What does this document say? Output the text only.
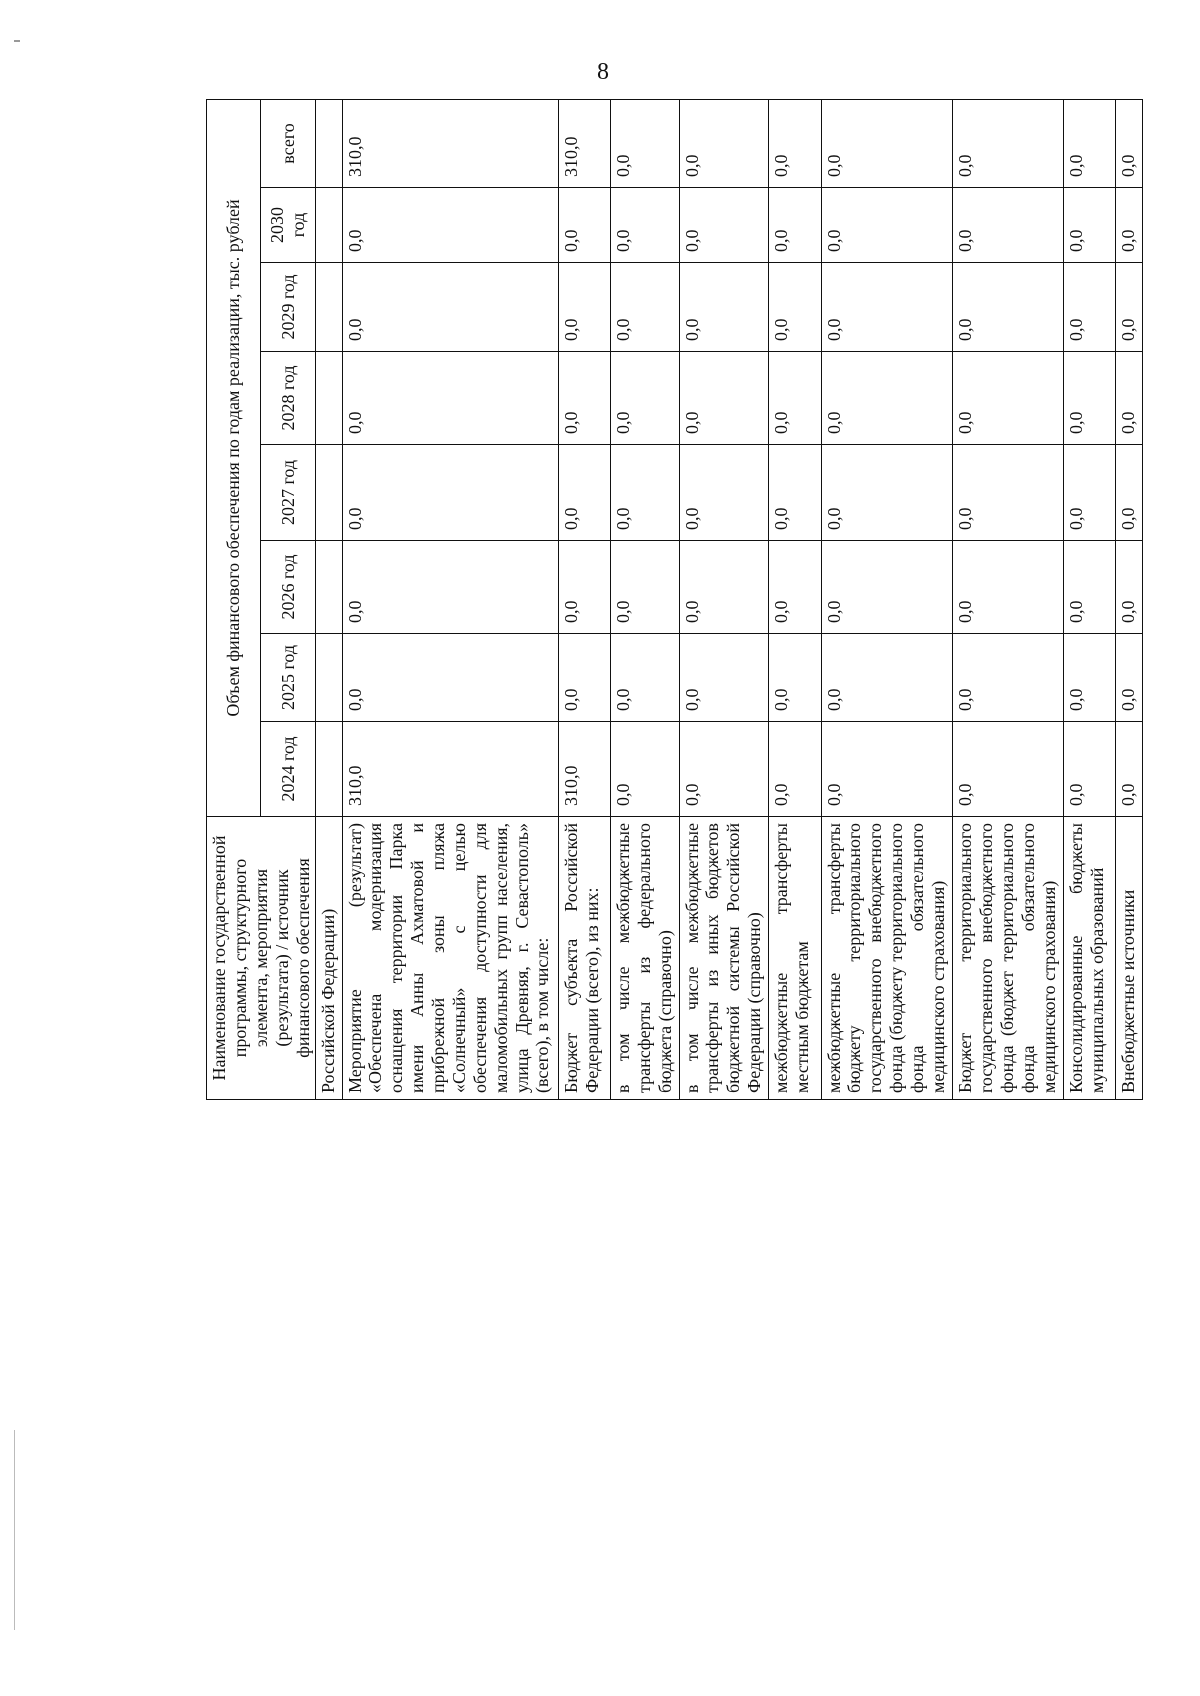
8
Наименование государственной программы, структурного элемента, мероприятия (результата) / источник финансового обеспечения	Объем финансового обеспечения по годам реализации, тыс. рублей							
	2024 год	2025 год	2026 год	2027 год	2028 год	2029 год	2030 год	всего
Российской Федерации)								
Мероприятие (результат) «Обеспечена модернизация оснащения территории Парка имени Анны Ахматовой и прибрежной зоны пляжа «Солнечный» с целью обеспечения доступности для маломобильных групп населения, улица Древняя, г. Севастополь» (всего), в том числе:	310,0	0,0	0,0	0,0	0,0	0,0	0,0	310,0
Бюджет субъекта Российской Федерации (всего), из них:	310,0	0,0	0,0	0,0	0,0	0,0	0,0	310,0
в том числе межбюджетные трансферты из федерального бюджета (справочно)	0,0	0,0	0,0	0,0	0,0	0,0	0,0	0,0
в том числе межбюджетные трансферты из иных бюджетов бюджетной системы Российской Федерации (справочно)	0,0	0,0	0,0	0,0	0,0	0,0	0,0	0,0
межбюджетные трансферты местным бюджетам	0,0	0,0	0,0	0,0	0,0	0,0	0,0	0,0
межбюджетные трансферты бюджету территориального государственного внебюджетного фонда (бюджету территориального фонда обязательного медицинского страхования)	0,0	0,0	0,0	0,0	0,0	0,0	0,0	0,0
Бюджет территориального государственного внебюджетного фонда (бюджет территориального фонда обязательного медицинского страхования)	0,0	0,0	0,0	0,0	0,0	0,0	0,0	0,0
Консолидированные бюджеты муниципальных образований	0,0	0,0	0,0	0,0	0,0	0,0	0,0	0,0
Внебюджетные источники	0,0	0,0	0,0	0,0	0,0	0,0	0,0	0,0
